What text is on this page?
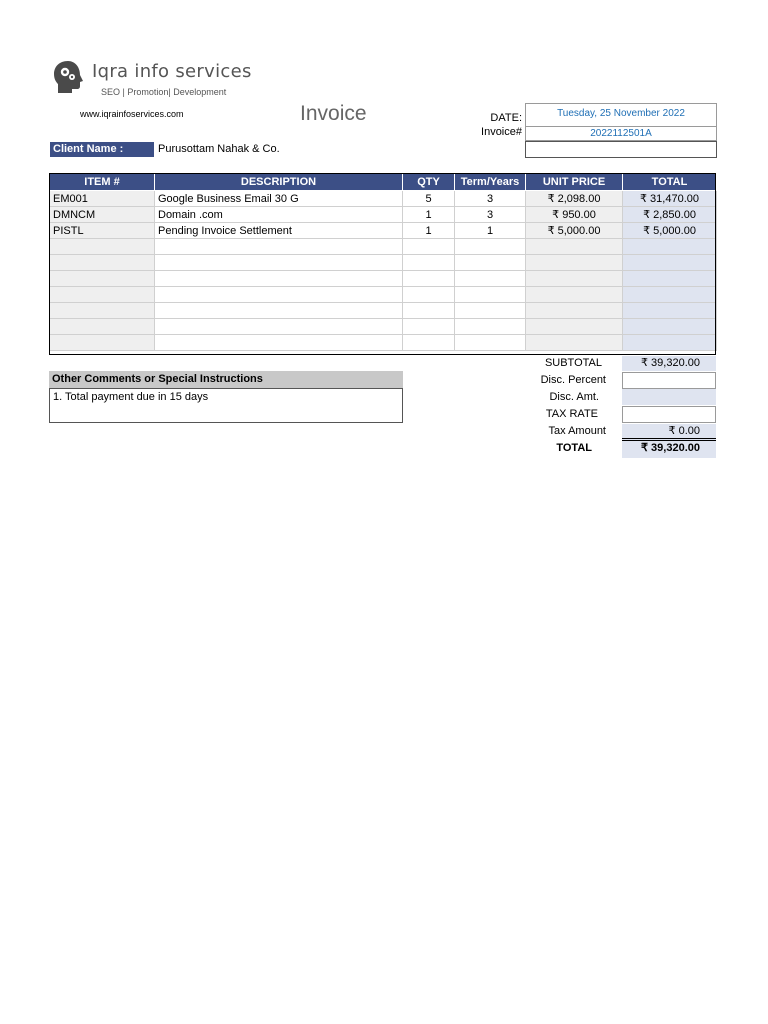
Iqra info services
SEO | Promotion| Development
www.iqrainfoservices.com	Invoice	DATE:	Tuesday, 25 November 2022
Invoice#	2022112501A
Client Name :	Purusottam Nahak & Co.
ITEM #	DESCRIPTION	QTY	Term/Years	UNIT PRICE	TOTAL
EM001	Google Business Email 30 G	5	3	₹ 2,098.00	₹ 31,470.00
DMNCM	Domain .com	1	3	₹ 950.00	₹ 2,850.00
PISTL	Pending Invoice Settlement	1	1	₹ 5,000.00	₹ 5,000.00

SUBTOTAL	₹ 39,320.00
Disc. Percent
Disc. Amt.
TAX RATE
Tax Amount	₹ 0.00
TOTAL	₹ 39,320.00
Other Comments or Special Instructions
1. Total payment due in 15 days
